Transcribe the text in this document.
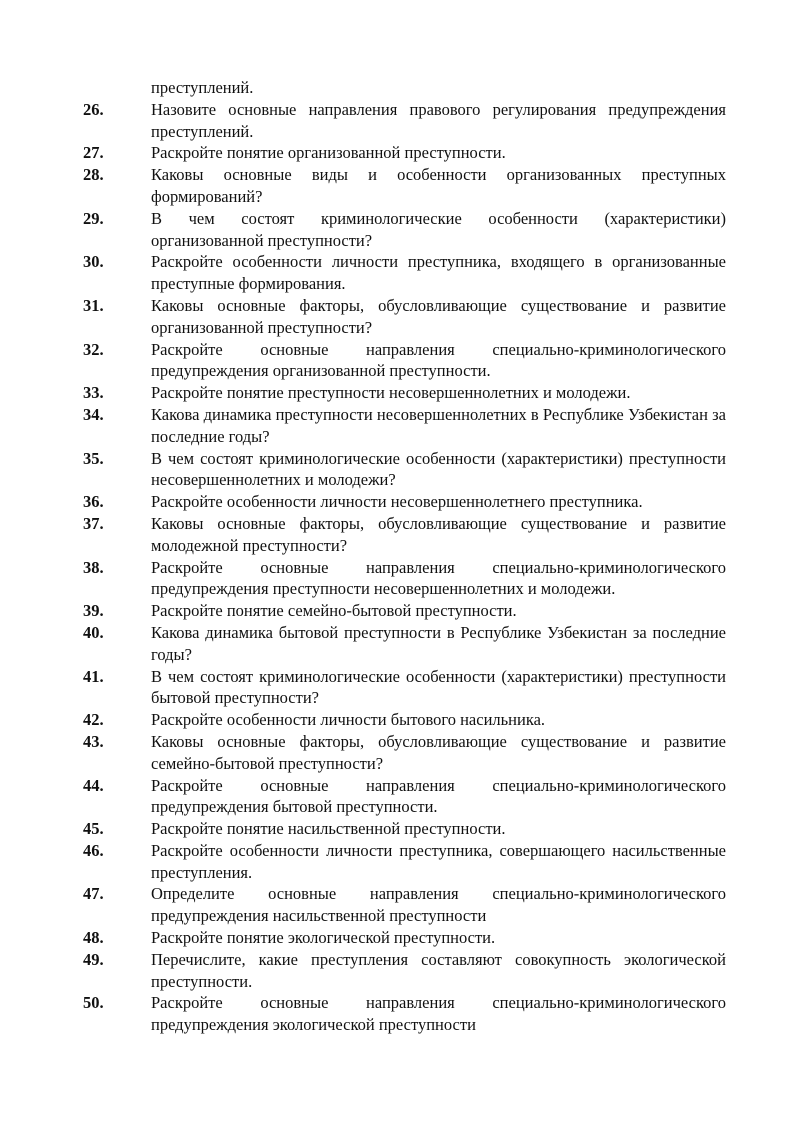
преступлений.
26.	Назовите основные направления правового регулирования предупреждения преступлений.
27.	Раскройте понятие организованной преступности.
28.	Каковы основные виды и особенности организованных преступных формирований?
29.	В чем состоят криминологические особенности (характеристики) организованной преступности?
30.	Раскройте особенности личности преступника, входящего в организованные преступные формирования.
31.	Каковы основные факторы, обусловливающие существование и развитие организованной преступности?
32.	Раскройте основные направления специально-криминологического предупреждения организованной преступности.
33.	Раскройте понятие преступности несовершеннолетних и молодежи.
34.	Какова динамика преступности несовершеннолетних в Республике Узбекистан за последние годы?
35.	В чем состоят криминологические особенности (характеристики) преступности несовершеннолетних и молодежи?
36.	Раскройте особенности личности несовершеннолетнего преступника.
37.	Каковы основные факторы, обусловливающие существование и развитие молодежной преступности?
38.	Раскройте основные направления специально-криминологического предупреждения преступности несовершеннолетних и молодежи.
39.	Раскройте понятие семейно-бытовой преступности.
40.	Какова динамика бытовой преступности в Республике Узбекистан за последние годы?
41.	В чем состоят криминологические особенности (характеристики) преступности бытовой преступности?
42.	Раскройте особенности личности бытового насильника.
43.	Каковы основные факторы, обусловливающие существование и развитие семейно-бытовой преступности?
44.	Раскройте основные направления специально-криминологического предупреждения бытовой преступности.
45.	Раскройте понятие насильственной преступности.
46.	Раскройте особенности личности преступника, совершающего насильственные преступления.
47.	Определите основные направления специально-криминологического предупреждения насильственной преступности
48.	Раскройте понятие экологической преступности.
49.	Перечислите, какие преступления составляют совокупность экологической преступности.
50.	Раскройте основные направления специально-криминологического предупреждения экологической преступности
